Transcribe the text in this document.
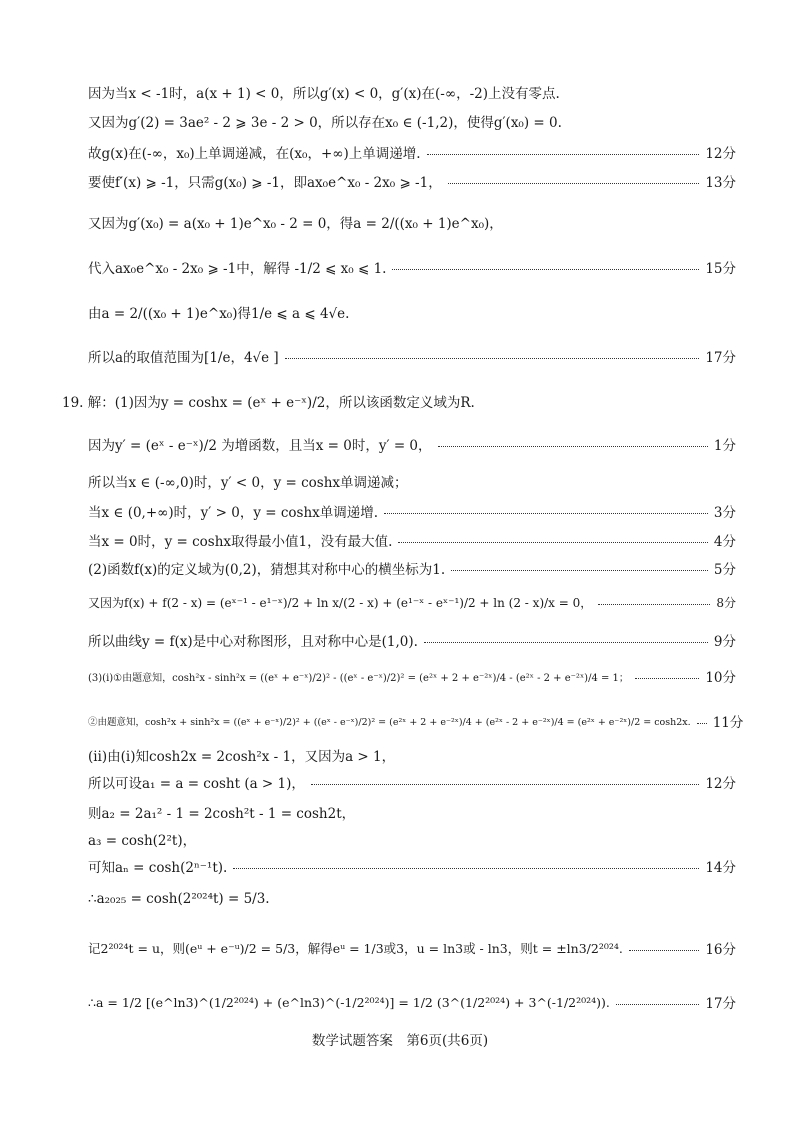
因为当x < -1时，a(x + 1) < 0，所以g′(x) < 0，g′(x)在(-∞，-2)上没有零点.
又因为g′(2) = 3ae² - 2 ⩾ 3e - 2 > 0，所以存在x₀ ∈ (-1,2)，使得g′(x₀) = 0.
故g(x)在(-∞，x₀)上单调递减，在(x₀，+∞)上单调递增.	12分
要使f′(x) ⩾ -1，只需g(x₀) ⩾ -1，即ax₀e^x₀ - 2x₀ ⩾ -1，	13分
又因为g′(x₀) = a(x₀ + 1)e^x₀ - 2 = 0，得a = 2/((x₀ + 1)e^x₀)，
代入ax₀e^x₀ - 2x₀ ⩾ -1中，解得 -1/2 ⩽ x₀ ⩽ 1.	15分
由a = 2/((x₀ + 1)e^x₀)得1/e ⩽ a ⩽ 4√e.
所以a的取值范围为[1/e，4√e ]	17分
19. 解：(1)因为y = coshx = (eˣ + e⁻ˣ)/2，所以该函数定义域为R.
因为y′ = (eˣ - e⁻ˣ)/2 为增函数，且当x = 0时，y′ = 0，	1分
所以当x ∈ (-∞,0)时，y′ < 0，y = coshx单调递减；
当x ∈ (0,+∞)时，y′ > 0，y = coshx单调递增.	3分
当x = 0时，y = coshx取得最小值1，没有最大值.	4分
(2)函数f(x)的定义域为(0,2)，猜想其对称中心的横坐标为1.	5分
又因为f(x) + f(2 - x) = (eˣ⁻¹ - e¹⁻ˣ)/2 + ln x/(2 - x) + (e¹⁻ˣ - eˣ⁻¹)/2 + ln (2 - x)/x = 0，	8分
所以曲线y = f(x)是中心对称图形，且对称中心是(1,0).	9分
(3)(ⅰ)①由题意知，cosh²x - sinh²x = ((eˣ + e⁻ˣ)/2)² - ((eˣ - e⁻ˣ)/2)² = (e²ˣ + 2 + e⁻²ˣ)/4 - (e²ˣ - 2 + e⁻²ˣ)/4 = 1；	10分
②由题意知，cosh²x + sinh²x = ((eˣ + e⁻ˣ)/2)² + ((eˣ - e⁻ˣ)/2)² = (e²ˣ + 2 + e⁻²ˣ)/4 + (e²ˣ - 2 + e⁻²ˣ)/4 = (e²ˣ + e⁻²ˣ)/2 = cosh2x. 11分
(ⅱ)由(ⅰ)知cosh2x = 2cosh²x - 1，又因为a > 1，
所以可设a₁ = a = cosht (a > 1)，	12分
则a₂ = 2a₁² - 1 = 2cosh²t - 1 = cosh2t，
a₃ = cosh(2²t)，
可知aₙ = cosh(2ⁿ⁻¹t).	14分
∴a₂₀₂₅ = cosh(2²⁰²⁴t) = 5/3.
记2²⁰²⁴t = u，则(eᵘ + e⁻ᵘ)/2 = 5/3，解得eᵘ = 1/3或3，u = ln3或 - ln3，则t = ±ln3/2²⁰²⁴.	16分
∴a = 1/2 [(e^ln3)^(1/2²⁰²⁴) + (e^ln3)^(-1/2²⁰²⁴)] = 1/2 (3^(1/2²⁰²⁴) + 3^(-1/2²⁰²⁴)).	17分
数学试题答案　第6页(共6页)
